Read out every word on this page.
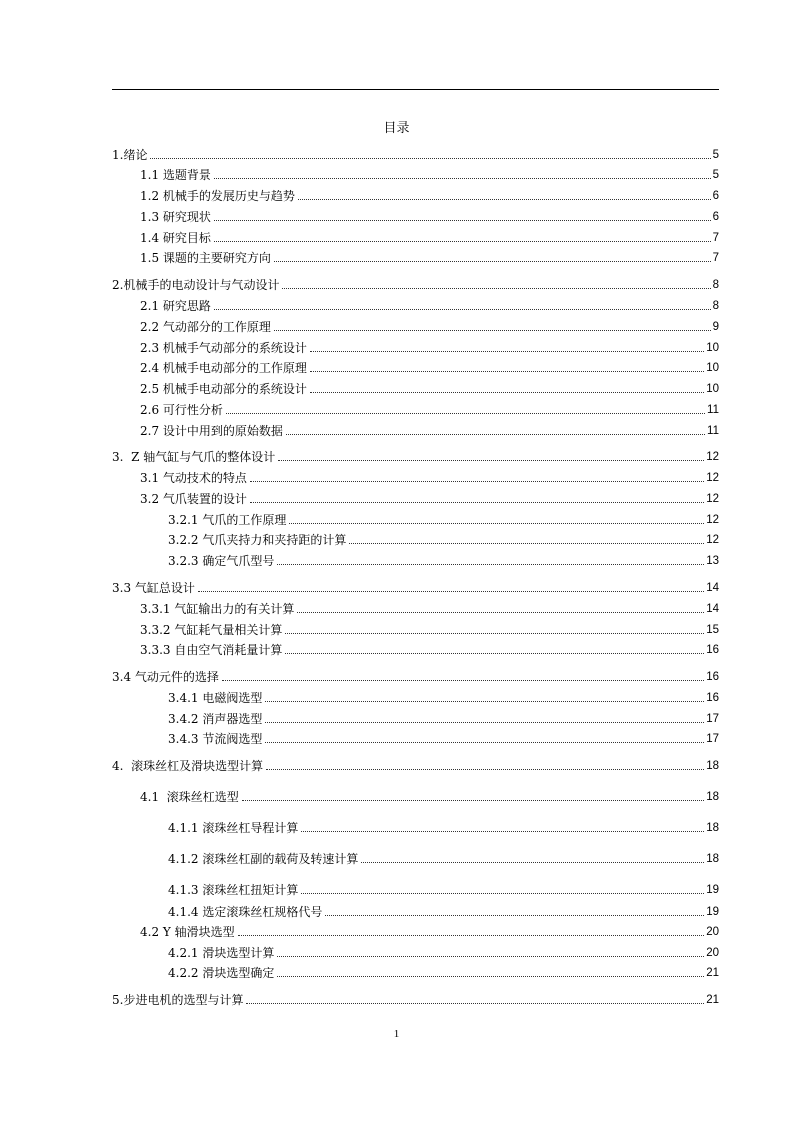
目录
1.绪论	5
1.1 选题背景	5
1.2 机械手的发展历史与趋势	6
1.3 研究现状	6
1.4 研究目标	7
1.5 课题的主要研究方向	7
2.机械手的电动设计与气动设计	8
2.1 研究思路	8
2.2 气动部分的工作原理	9
2.3 机械手气动部分的系统设计	10
2.4 机械手电动部分的工作原理	10
2.5 机械手电动部分的系统设计	10
2.6 可行性分析	11
2.7 设计中用到的原始数据	11
3.  Z 轴气缸与气爪的整体设计	12
3.1 气动技术的特点	12
3.2 气爪装置的设计	12
3.2.1 气爪的工作原理	12
3.2.2 气爪夹持力和夹持距的计算	12
3.2.3 确定气爪型号	13
3.3 气缸总设计	14
3.3.1 气缸输出力的有关计算	14
3.3.2 气缸耗气量相关计算	15
3.3.3 自由空气消耗量计算	16
3.4 气动元件的选择	16
3.4.1 电磁阀选型	16
3.4.2 消声器选型	17
3.4.3 节流阀选型	17
4.  滚珠丝杠及滑块选型计算	18
4.1  滚珠丝杠选型	18
4.1.1 滚珠丝杠导程计算	18
4.1.2 滚珠丝杠副的载荷及转速计算	18
4.1.3 滚珠丝杠扭矩计算	19
4.1.4 选定滚珠丝杠规格代号	19
4.2 Y 轴滑块选型	20
4.2.1 滑块选型计算	20
4.2.2 滑块选型确定	21
5.步进电机的选型与计算	21
1
